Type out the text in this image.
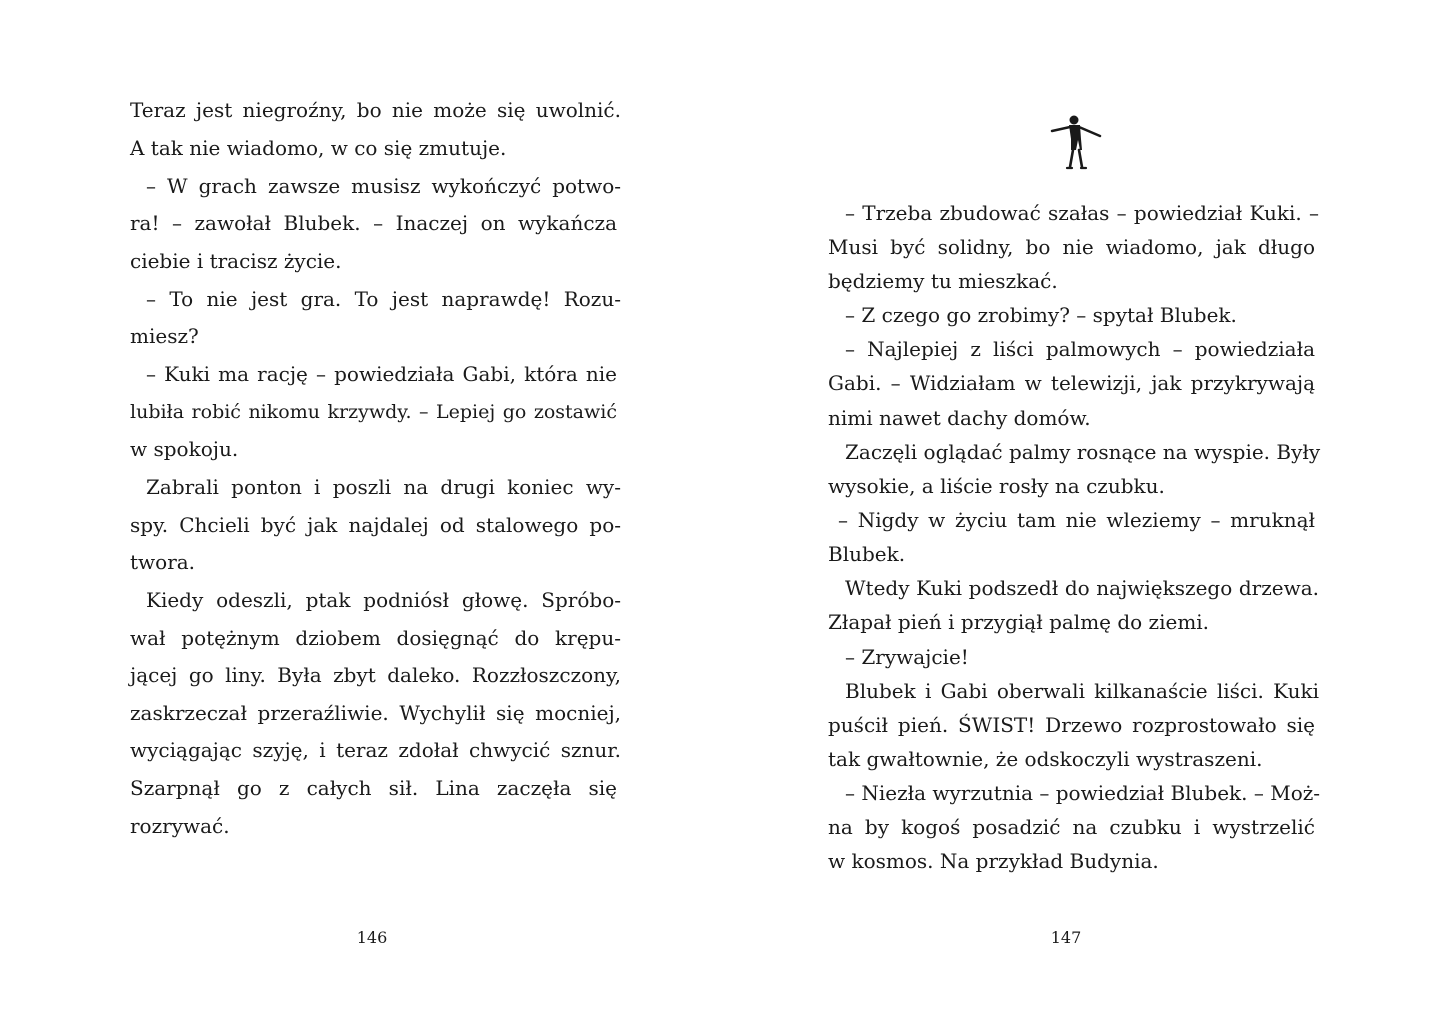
Teraz jest niegroźny, bo nie może się uwolnić.
A tak nie wiadomo, w co się zmutuje.
– W grach zawsze musisz wykończyć potwo-
ra! – zawołał Blubek. – Inaczej on wykańcza
ciebie i tracisz życie.
– To nie jest gra. To jest naprawdę! Rozu-
miesz?
– Kuki ma rację – powiedziała Gabi, która nie
lubiła robić nikomu krzywdy. – Lepiej go zostawić
w spokoju.
Zabrali ponton i poszli na drugi koniec wy-
spy. Chcieli być jak najdalej od stalowego po-
twora.
Kiedy odeszli, ptak podniósł głowę. Spróbo-
wał potężnym dziobem dosięgnąć do krępu-
jącej go liny. Była zbyt daleko. Rozzłoszczony,
zaskrzeczał przeraźliwie. Wychylił się mocniej,
wyciągając szyję, i teraz zdołał chwycić sznur.
Szarpnął go z całych sił. Lina zaczęła się
rozrywać.
146
– Trzeba zbudować szałas – powiedział Kuki. –
Musi być solidny, bo nie wiadomo, jak długo
będziemy tu mieszkać.
– Z czego go zrobimy? – spytał Blubek.
– Najlepiej z liści palmowych – powiedziała
Gabi. – Widziałam w telewizji, jak przykrywają
nimi nawet dachy domów.
Zaczęli oglądać palmy rosnące na wyspie. Były
wysokie, a liście rosły na czubku.
– Nigdy w życiu tam nie wleziemy – mruknął
Blubek.
Wtedy Kuki podszedł do największego drzewa.
Złapał pień i przygiął palmę do ziemi.
– Zrywajcie!
Blubek i Gabi oberwali kilkanaście liści. Kuki
puścił pień. ŚWIST! Drzewo rozprostowało się
tak gwałtownie, że odskoczyli wystraszeni.
– Niezła wyrzutnia – powiedział Blubek. – Moż-
na by kogoś posadzić na czubku i wystrzelić
w kosmos. Na przykład Budynia.
147
